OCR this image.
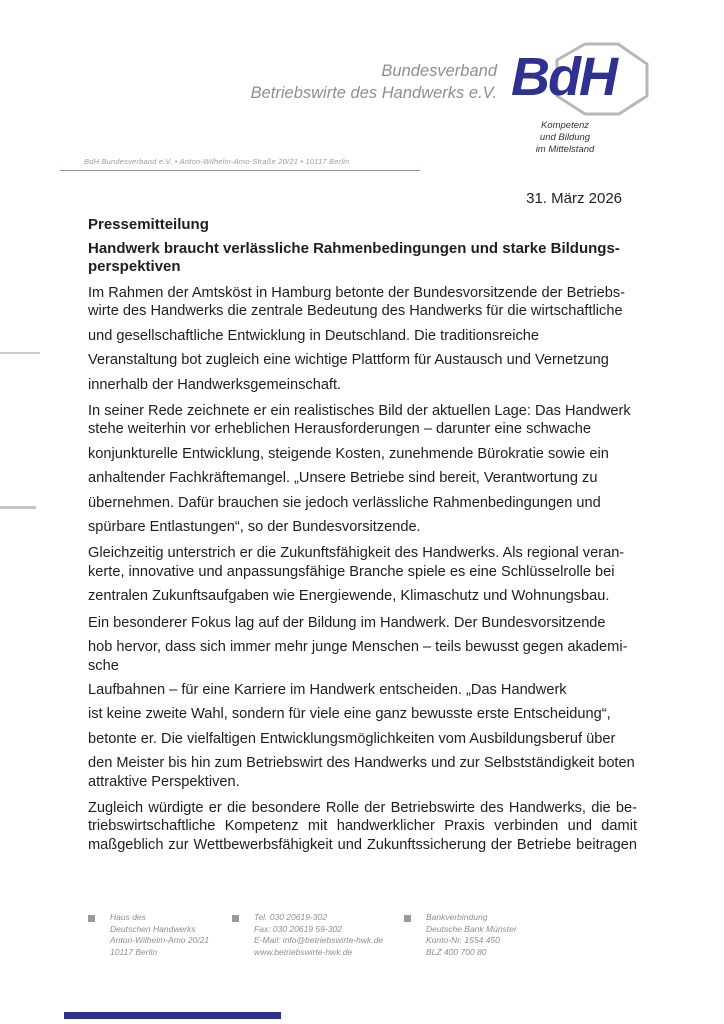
Bundesverband
Betriebswirte des Handwerks e.V. BdH
Kompetenz
und Bildung
im Mittelstand
BdH Bundesverband e.V. • Anton-Wilhelm-Amo-Straße 20/21 • 10117 Berlin
31. März 2026
Pressemitteilung
Handwerk braucht verlässliche Rahmenbedingungen und starke Bildungs-
perspektiven
Im Rahmen der Amtsköst in Hamburg betonte der Bundesvorsitzende der Betriebs-
wirte des Handwerks die zentrale Bedeutung des Handwerks für die wirtschaftliche
und gesellschaftliche Entwicklung in Deutschland. Die traditionsreiche
Veranstaltung bot zugleich eine wichtige Plattform für Austausch und Vernetzung
innerhalb der Handwerksgemeinschaft.
In seiner Rede zeichnete er ein realistisches Bild der aktuellen Lage: Das Handwerk
stehe weiterhin vor erheblichen Herausforderungen – darunter eine schwache
konjunkturelle Entwicklung, steigende Kosten, zunehmende Bürokratie sowie ein
anhaltender Fachkräftemangel. „Unsere Betriebe sind bereit, Verantwortung zu
übernehmen. Dafür brauchen sie jedoch verlässliche Rahmenbedingungen und
spürbare Entlastungen“, so der Bundesvorsitzende.
Gleichzeitig unterstrich er die Zukunftsfähigkeit des Handwerks. Als regional veran-
kerte, innovative und anpassungsfähige Branche spiele es eine Schlüsselrolle bei
zentralen Zukunftsaufgaben wie Energiewende, Klimaschutz und Wohnungsbau.
Ein besonderer Fokus lag auf der Bildung im Handwerk. Der Bundesvorsitzende
hob hervor, dass sich immer mehr junge Menschen – teils bewusst gegen akademi-
sche
Laufbahnen – für eine Karriere im Handwerk entscheiden. „Das Handwerk
ist keine zweite Wahl, sondern für viele eine ganz bewusste erste Entscheidung“,
betonte er. Die vielfaltigen Entwicklungsmöglichkeiten vom Ausbildungsberuf über
den Meister bis hin zum Betriebswirt des Handwerks und zur Selbstständigkeit boten
attraktive Perspektiven.
Zugleich würdigte er die besondere Rolle der Betriebswirte des Handwerks, die be-
triebswirtschaftliche Kompetenz mit handwerklicher Praxis verbinden und damit
maßgeblich zur Wettbewerbsfähigkeit und Zukunftssicherung der Betriebe beitragen
Haus des
Deutschen Handwerks
Anton-Wilhelm-Amo 20/21
10117 Berlin
Tel. 030 20619-302
Fax: 030 20619 59-302
E-Mail: info@betriebswirte-hwk.de
www.betriebswirte-hwk.de
Bankverbindung
Deutsche Bank Münster
Konto-Nr. 1554 450
BLZ 400 700 80
